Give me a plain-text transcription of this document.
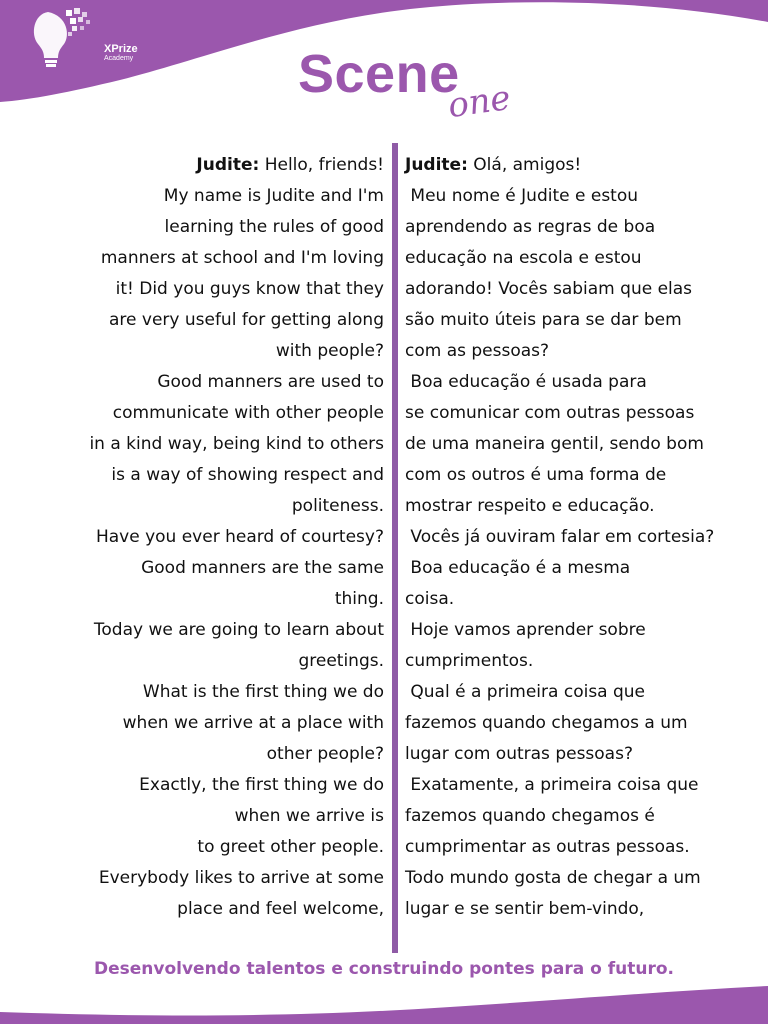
XPrize
Academy	Scene
one
Judite: Hello, friends!
My name is Judite and I'm
learning the rules of good
manners at school and I'm loving
it! Did you guys know that they
are very useful for getting along
with people?
Good manners are used to
communicate with other people
in a kind way, being kind to others
is a way of showing respect and
politeness.
Have you ever heard of courtesy?
Good manners are the same
thing.
Today we are going to learn about
greetings.
What is the first thing we do
when we arrive at a place with
other people?
Exactly, the first thing we do
when we arrive is
to greet other people.
Everybody likes to arrive at some
place and feel welcome,
Judite: Olá, amigos!
Meu nome é Judite e estou
aprendendo as regras de boa
educação na escola e estou
adorando! Vocês sabiam que elas
são muito úteis para se dar bem
com as pessoas?
Boa educação é usada para
se comunicar com outras pessoas
de uma maneira gentil, sendo bom
com os outros é uma forma de
mostrar respeito e educação.
Vocês já ouviram falar em cortesia?
Boa educação é a mesma
coisa.
Hoje vamos aprender sobre
cumprimentos.
Qual é a primeira coisa que
fazemos quando chegamos a um
lugar com outras pessoas?
Exatamente, a primeira coisa que
fazemos quando chegamos é
cumprimentar as outras pessoas.
Todo mundo gosta de chegar a um
lugar e se sentir bem-vindo,
Desenvolvendo talentos e construindo pontes para o futuro.
